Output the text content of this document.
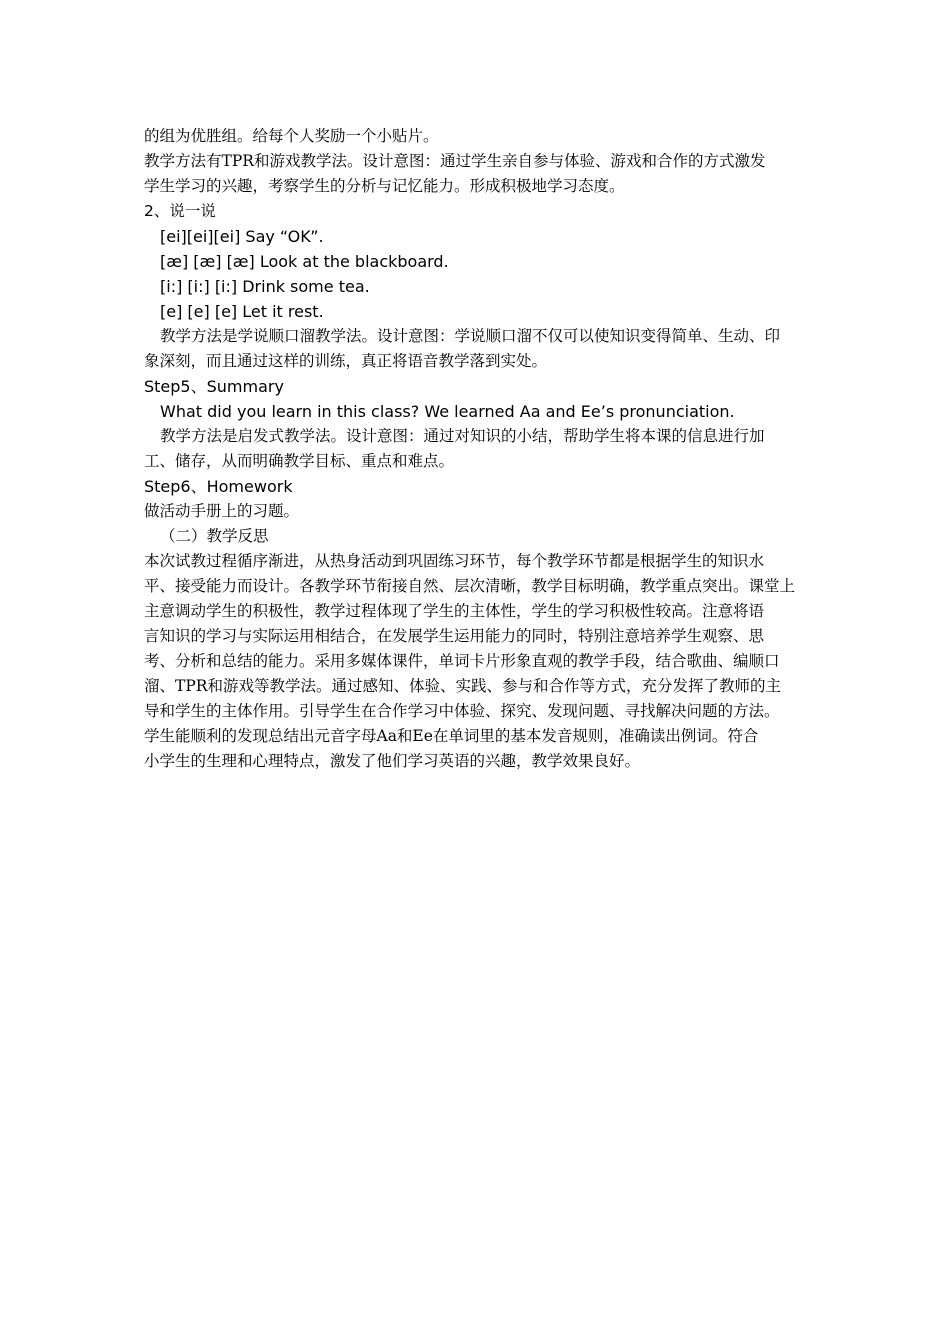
的组为优胜组。给每个人奖励一个小贴片。
教学方法有TPR和游戏教学法。设计意图：通过学生亲自参与体验、游戏和合作的方式激发
学生学习的兴趣，考察学生的分析与记忆能力。形成积极地学习态度。
2、说一说
[ei][ei][ei] Say “OK”.
[æ] [æ] [æ] Look at the blackboard.
[i:] [i:] [i:] Drink some tea.
[e] [e] [e] Let it rest.
教学方法是学说顺口溜教学法。设计意图：学说顺口溜不仅可以使知识变得简单、生动、印
象深刻，而且通过这样的训练，真正将语音教学落到实处。
Step5、Summary
What did you learn in this class? We learned Aa and Ee’s pronunciation.
教学方法是启发式教学法。设计意图：通过对知识的小结，帮助学生将本课的信息进行加
工、储存，从而明确教学目标、重点和难点。
Step6、Homework
做活动手册上的习题。
（二）教学反思
本次试教过程循序渐进，从热身活动到巩固练习环节，每个教学环节都是根据学生的知识水
平、接受能力而设计。各教学环节衔接自然、层次清晰，教学目标明确，教学重点突出。课堂上
主意调动学生的积极性，教学过程体现了学生的主体性，学生的学习积极性较高。注意将语
言知识的学习与实际运用相结合，在发展学生运用能力的同时，特别注意培养学生观察、思
考、分析和总结的能力。采用多媒体课件，单词卡片形象直观的教学手段，结合歌曲、编顺口
溜、TPR和游戏等教学法。通过感知、体验、实践、参与和合作等方式，充分发挥了教师的主
导和学生的主体作用。引导学生在合作学习中体验、探究、发现问题、寻找解决问题的方法。
学生能顺利的发现总结出元音字母Aa和Ee在单词里的基本发音规则，准确读出例词。符合
小学生的生理和心理特点，激发了他们学习英语的兴趣，教学效果良好。
